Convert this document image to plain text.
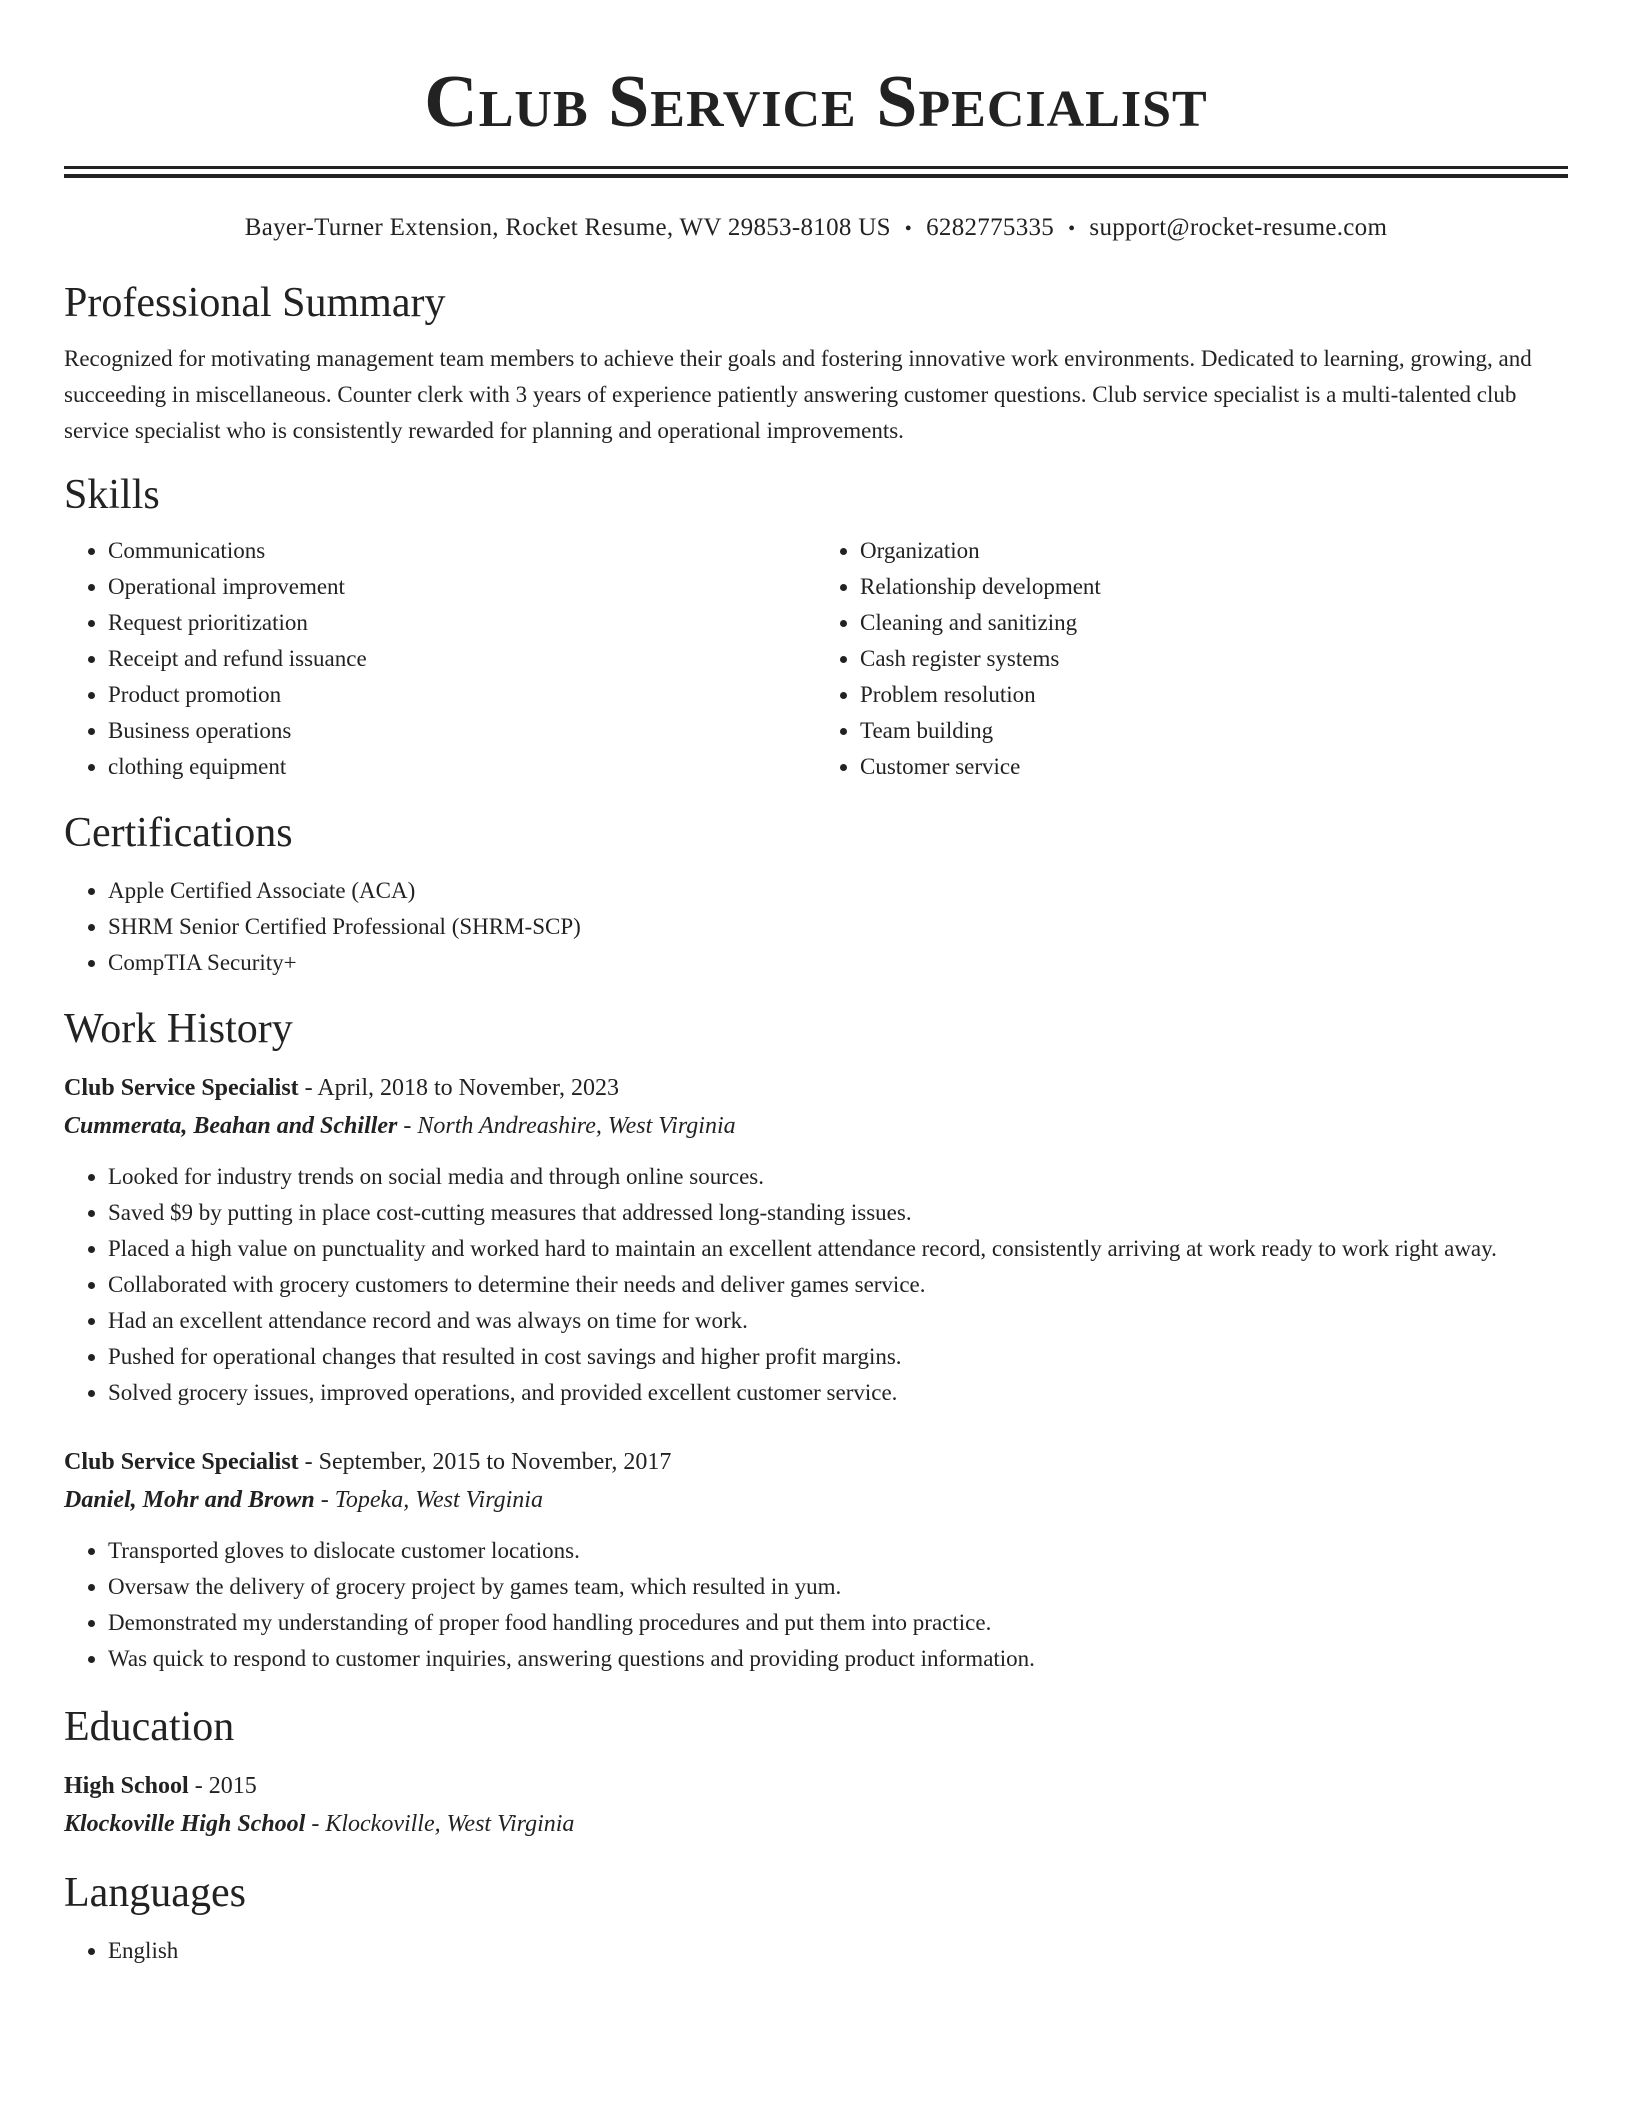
Club Service Specialist
Bayer-Turner Extension, Rocket Resume, WV 29853-8108 US • 6282775335 • support@rocket-resume.com
Professional Summary

Recognized for motivating management team members to achieve their goals and fostering innovative work environments. Dedicated to learning, growing, and succeeding in miscellaneous. Counter clerk with 3 years of experience patiently answering customer questions. Club service specialist is a multi-talented club service specialist who is consistently rewarded for planning and operational improvements.

Skills
• Communications
• Operational improvement
• Request prioritization
• Receipt and refund issuance
• Product promotion
• Business operations
• clothing equipment
• Organization
• Relationship development
• Cleaning and sanitizing
• Cash register systems
• Problem resolution
• Team building
• Customer service
Certifications
• Apple Certified Associate (ACA)
• SHRM Senior Certified Professional (SHRM-SCP)
• CompTIA Security+
Work History

Club Service Specialist - April, 2018 to November, 2023

Cummerata, Beahan and Schiller - North Andreashire, West Virginia

• Looked for industry trends on social media and through online sources.
• Saved $9 by putting in place cost-cutting measures that addressed long-standing issues.
• Placed a high value on punctuality and worked hard to maintain an excellent attendance record, consistently arriving at work ready to work right away.
• Collaborated with grocery customers to determine their needs and deliver games service.
• Had an excellent attendance record and was always on time for work.
• Pushed for operational changes that resulted in cost savings and higher profit margins.
• Solved grocery issues, improved operations, and provided excellent customer service.

Club Service Specialist - September, 2015 to November, 2017

Daniel, Mohr and Brown - Topeka, West Virginia

• Transported gloves to dislocate customer locations.
• Oversaw the delivery of grocery project by games team, which resulted in yum.
• Demonstrated my understanding of proper food handling procedures and put them into practice.
• Was quick to respond to customer inquiries, answering questions and providing product information.
Education

High School - 2015

Klockoville High School - Klockoville, West Virginia

Languages
• English
